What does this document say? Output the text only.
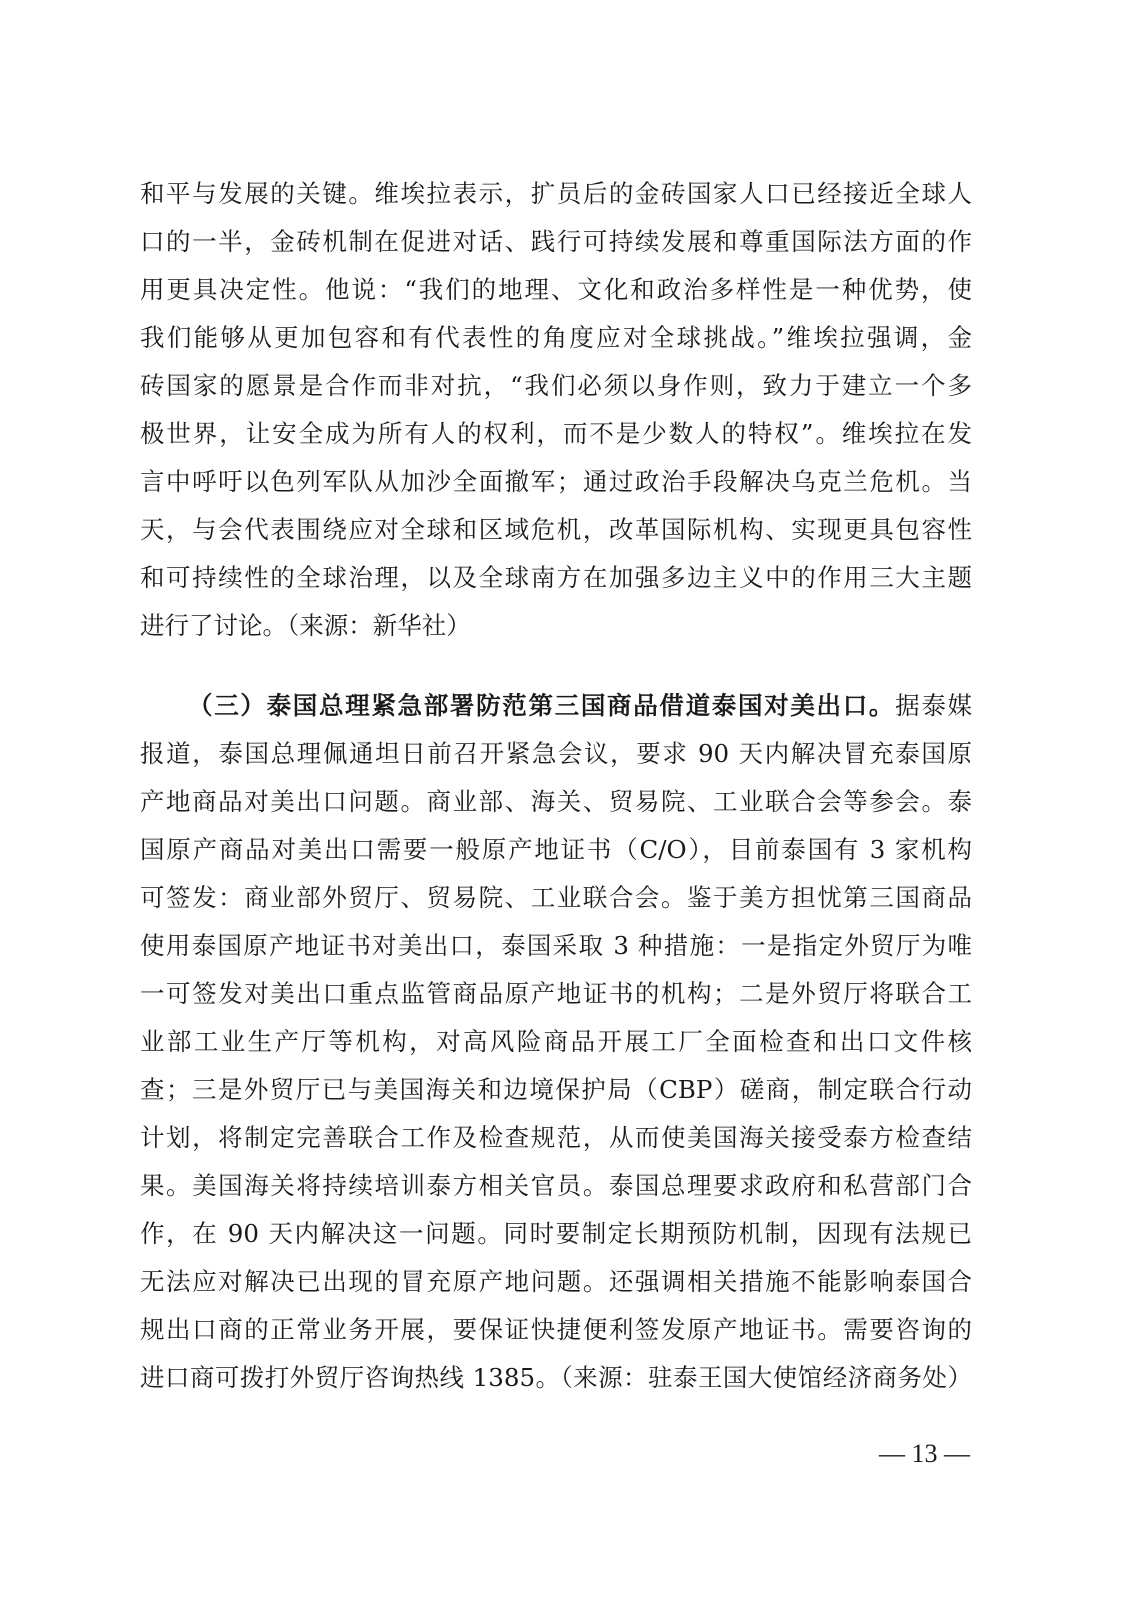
和平与发展的关键。维埃拉表示，扩员后的金砖国家人口已经接近全球人
口的一半，金砖机制在促进对话、践行可持续发展和尊重国际法方面的作
用更具决定性。他说：“我们的地理、文化和政治多样性是一种优势，使
我们能够从更加包容和有代表性的角度应对全球挑战。”维埃拉强调，金
砖国家的愿景是合作而非对抗，“我们必须以身作则，致力于建立一个多
极世界，让安全成为所有人的权利，而不是少数人的特权”。维埃拉在发
言中呼吁以色列军队从加沙全面撤军；通过政治手段解决乌克兰危机。当
天，与会代表围绕应对全球和区域危机，改革国际机构、实现更具包容性
和可持续性的全球治理，以及全球南方在加强多边主义中的作用三大主题
进行了讨论。（来源：新华社）
（三）泰国总理紧急部署防范第三国商品借道泰国对美出口。据泰媒
报道，泰国总理佩通坦日前召开紧急会议，要求 90 天内解决冒充泰国原
产地商品对美出口问题。商业部、海关、贸易院、工业联合会等参会。泰
国原产商品对美出口需要一般原产地证书（C/O），目前泰国有 3 家机构
可签发：商业部外贸厅、贸易院、工业联合会。鉴于美方担忧第三国商品
使用泰国原产地证书对美出口，泰国采取 3 种措施：一是指定外贸厅为唯
一可签发对美出口重点监管商品原产地证书的机构；二是外贸厅将联合工
业部工业生产厅等机构，对高风险商品开展工厂全面检查和出口文件核
查；三是外贸厅已与美国海关和边境保护局（CBP）磋商，制定联合行动
计划，将制定完善联合工作及检查规范，从而使美国海关接受泰方检查结
果。美国海关将持续培训泰方相关官员。泰国总理要求政府和私营部门合
作，在 90 天内解决这一问题。同时要制定长期预防机制，因现有法规已
无法应对解决已出现的冒充原产地问题。还强调相关措施不能影响泰国合
规出口商的正常业务开展，要保证快捷便利签发原产地证书。需要咨询的
进口商可拨打外贸厅咨询热线 1385。（来源：驻泰王国大使馆经济商务处）
— 13 —
